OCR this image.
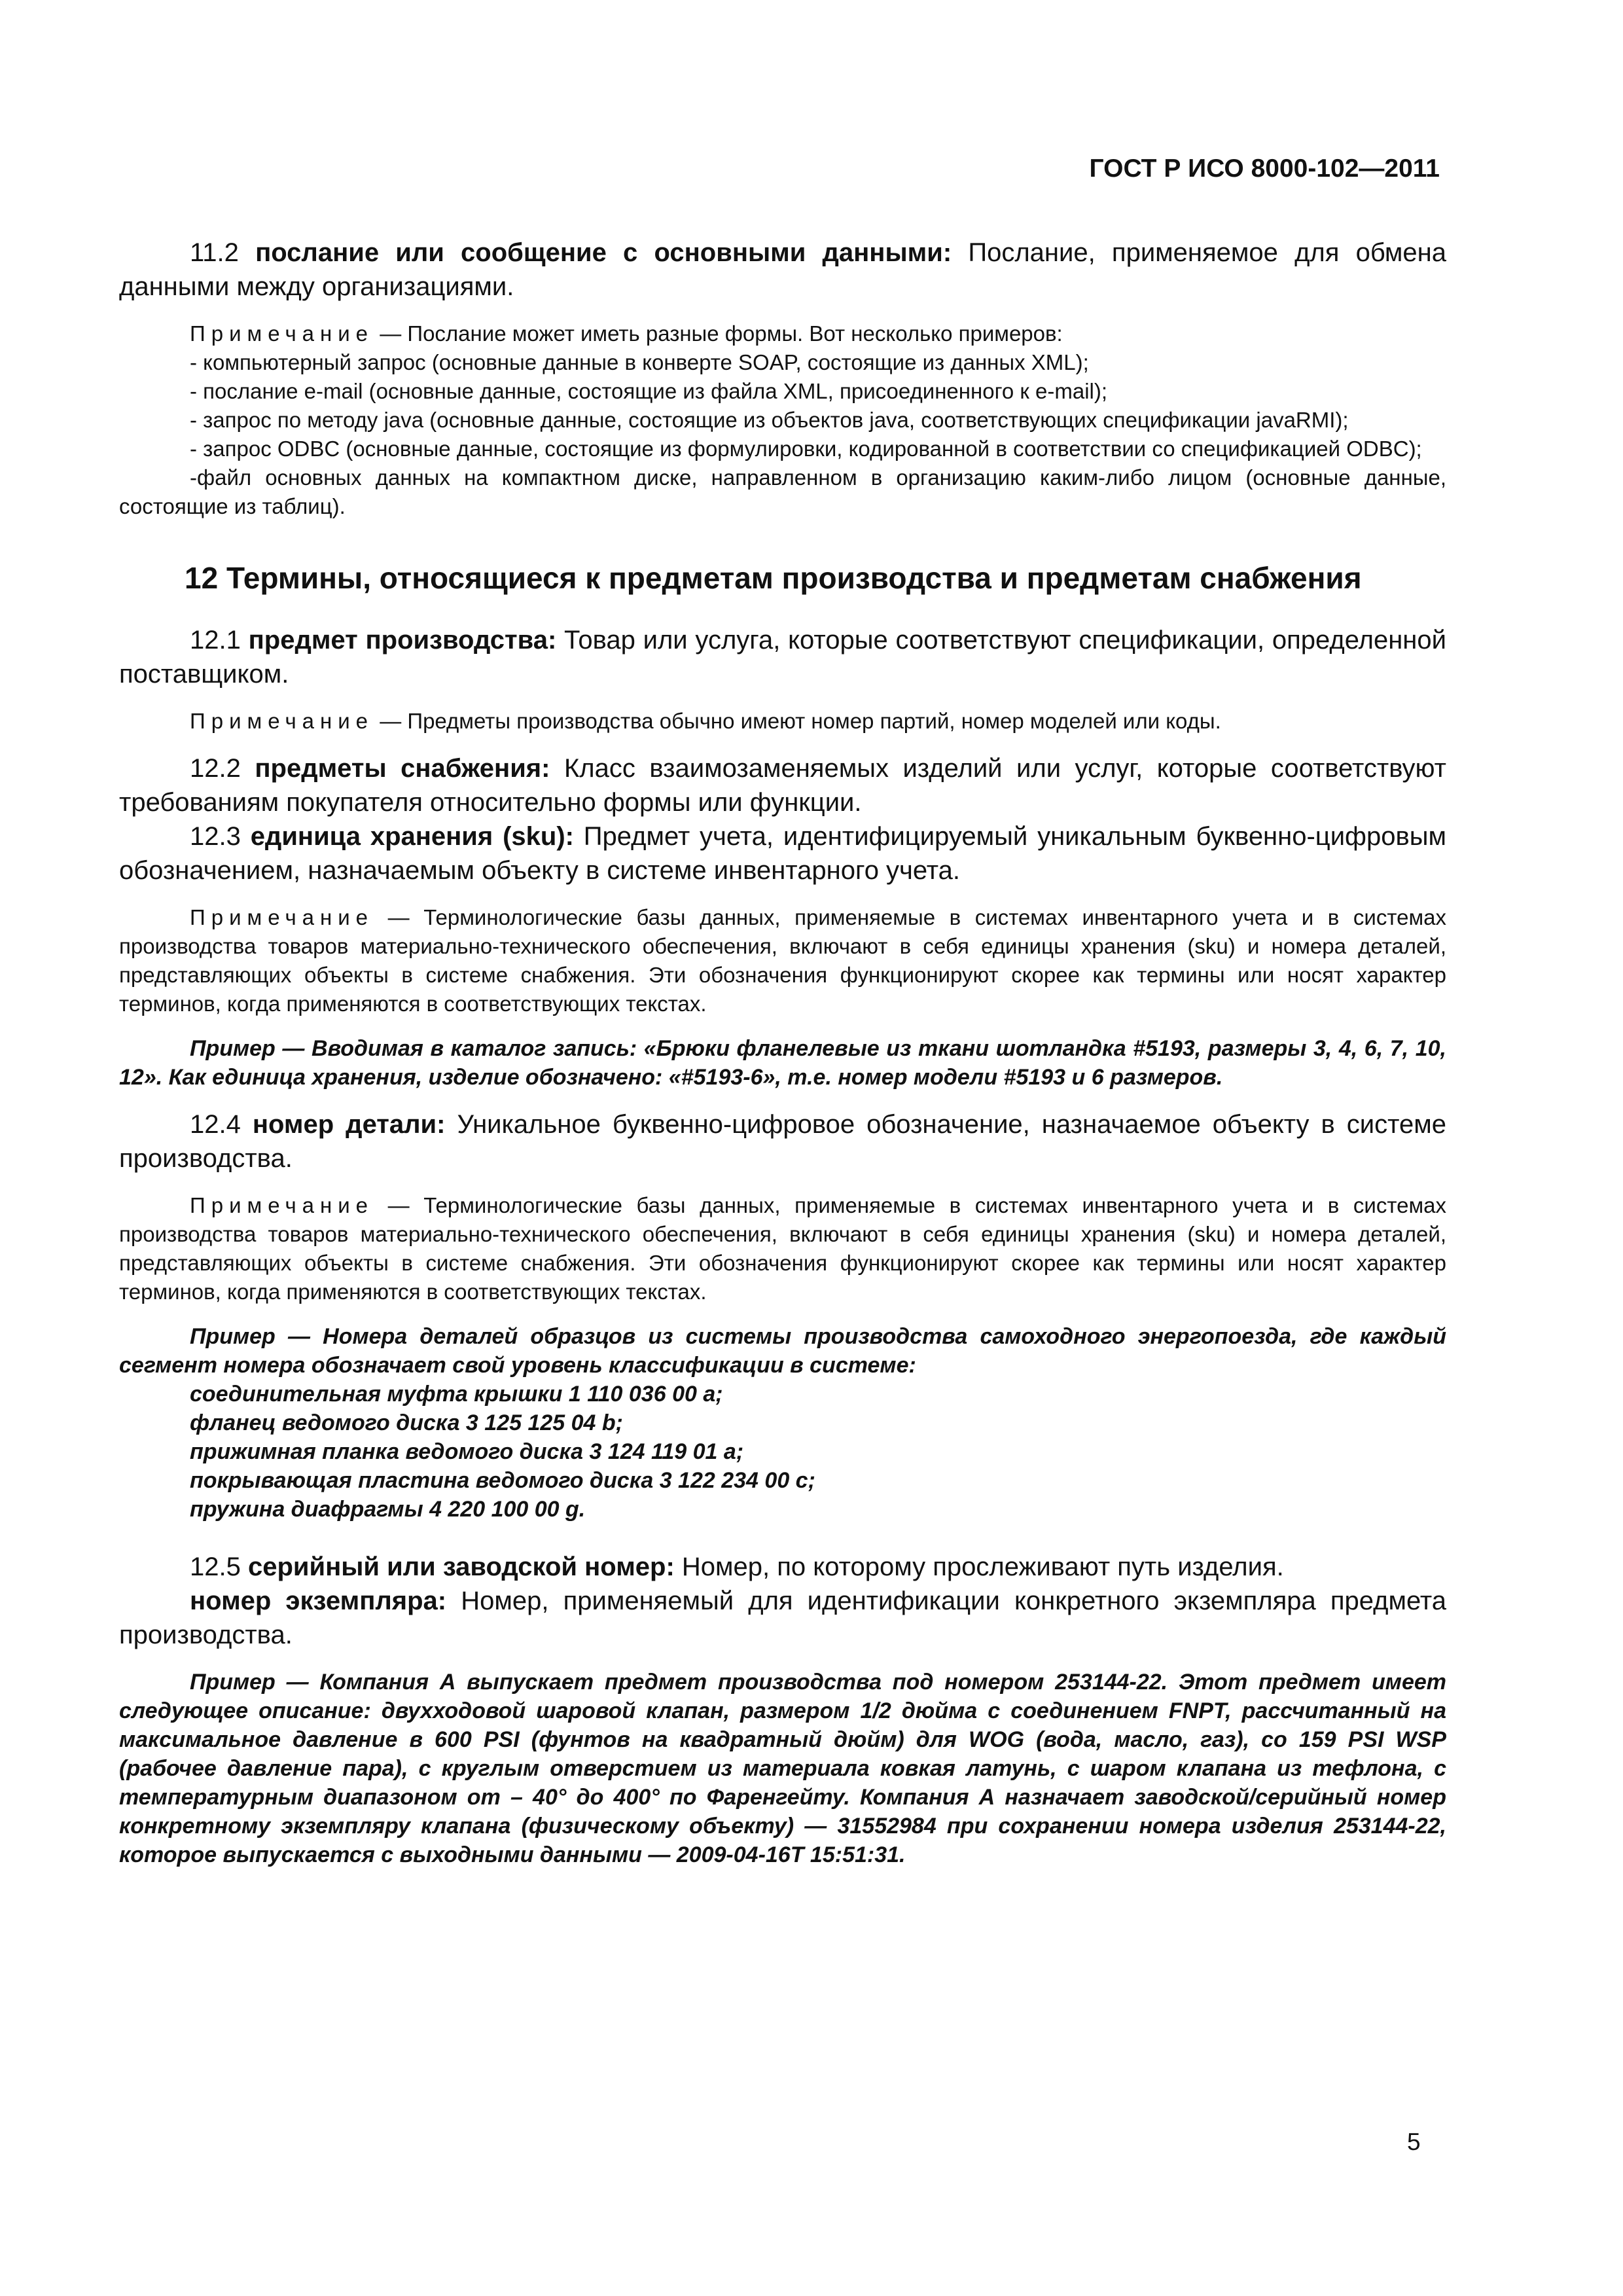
ГОСТ Р ИСО 8000-102—2011

11.2 послание или сообщение с основными данными: Послание, применяемое для обмена данными между организациями.

Примечание — Послание может иметь разные формы. Вот несколько примеров:

- компьютерный запрос (основные данные в конверте SOAP, состоящие из данных XML);

- послание e-mail (основные данные, состоящие из файла XML, присоединенного к e-mail);

- запрос по методу java (основные данные, состоящие из объектов java, соответствующих спецификации javaRMI);

- запрос ODBC (основные данные, состоящие из формулировки, кодированной в соответствии со спецификацией ODBC);

-файл основных данных на компактном диске, направленном в организацию каким-либо лицом (основные данные, состоящие из таблиц).

12 Термины, относящиеся к предметам производства и предметам снабжения

12.1 предмет производства: Товар или услуга, которые соответствуют спецификации, определенной поставщиком.

Примечание — Предметы производства обычно имеют номер партий, номер моделей или коды.

12.2 предметы снабжения: Класс взаимозаменяемых изделий или услуг, которые соответствуют требованиям покупателя относительно формы или функции.

12.3 единица хранения (sku): Предмет учета, идентифицируемый уникальным буквенно-цифровым обозначением, назначаемым объекту в системе инвентарного учета.

Примечание — Терминологические базы данных, применяемые в системах инвентарного учета и в системах производства товаров материально-технического обеспечения, включают в себя единицы хранения (sku) и номера деталей, представляющих объекты в системе снабжения. Эти обозначения функционируют скорее как термины или носят характер терминов, когда применяются в соответствующих текстах.

Пример — Вводимая в каталог запись: «Брюки фланелевые из ткани шотландка #5193, размеры 3, 4, 6, 7, 10, 12». Как единица хранения, изделие обозначено: «#5193-6», т.е. номер модели #5193 и 6 размеров.

12.4 номер детали: Уникальное буквенно-цифровое обозначение, назначаемое объекту в системе производства.

Примечание — Терминологические базы данных, применяемые в системах инвентарного учета и в системах производства товаров материально-технического обеспечения, включают в себя единицы хранения (sku) и номера деталей, представляющих объекты в системе снабжения. Эти обозначения функционируют скорее как термины или носят характер терминов, когда применяются в соответствующих текстах.

Пример — Номера деталей образцов из системы производства самоходного энергопоезда, где каждый сегмент номера обозначает свой уровень классификации в системе:

соединительная муфта крышки 1 110 036 00 a;

фланец ведомого диска 3 125 125 04 b;

прижимная планка ведомого диска 3 124 119 01 a;

покрывающая пластина ведомого диска 3 122 234 00 c;

пружина диафрагмы 4 220 100 00 g.

12.5 серийный или заводской номер: Номер, по которому прослеживают путь изделия.

номер экземпляра: Номер, применяемый для идентификации конкретного экземпляра предмета производства.

Пример — Компания А выпускает предмет производства под номером 253144-22. Этот предмет имеет следующее описание: двухходовой шаровой клапан, размером 1/2 дюйма с соединением FNPT, рассчитанный на максимальное давление в 600 PSI (фунтов на квадратный дюйм) для WOG (вода, масло, газ), со 159 PSI WSP (рабочее давление пара), с круглым отверстием из материала ковкая латунь, с шаром клапана из тефлона, с температурным диапазоном от – 40° до 400° по Фаренгейту. Компания А назначает заводской/серийный номер конкретному экземпляру клапана (физическому объекту) — 31552984 при сохранении номера изделия 253144-22, которое выпускается с выходными данными — 2009-04-16T 15:51:31.

5
